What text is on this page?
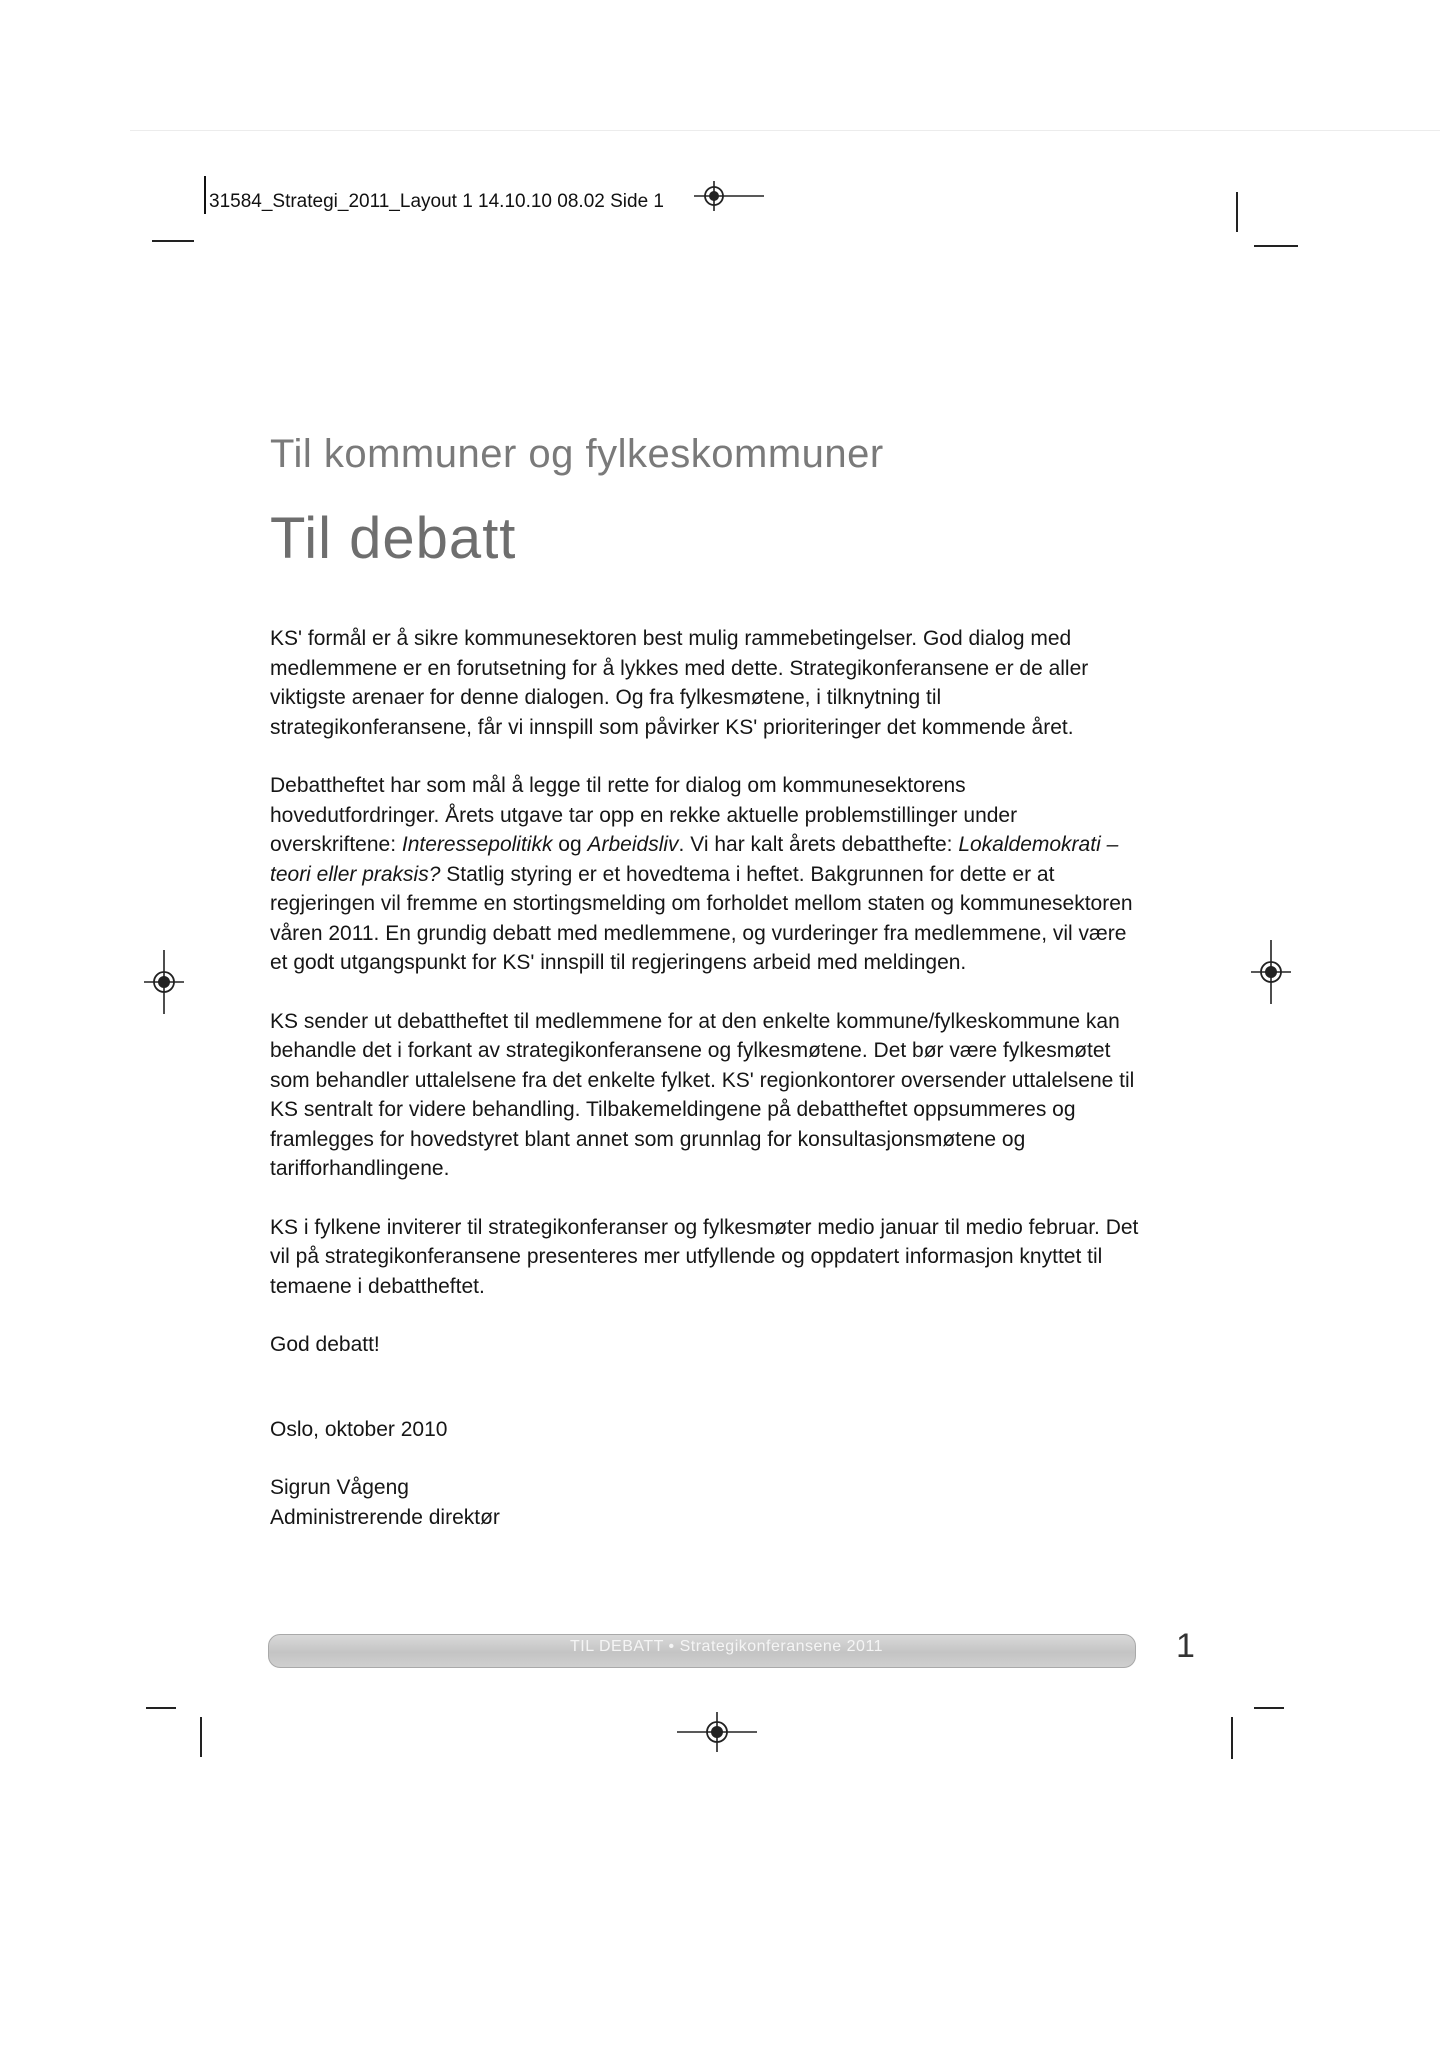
31584_Strategi_2011_Layout 1 14.10.10 08.02 Side 1
Til kommuner og fylkeskommuner
Til debatt

KS' formål er å sikre kommunesektoren best mulig rammebetingelser. God dialog med medlemmene er en forutsetning for å lykkes med dette. Strategikonferansene er de aller viktigste arenaer for denne dialogen. Og fra fylkesmøtene, i tilknytning til strategikonferansene, får vi innspill som påvirker KS' prioriteringer det kommende året.

Debattheftet har som mål å legge til rette for dialog om kommunesektorens hovedutfordringer. Årets utgave tar opp en rekke aktuelle problemstillinger under overskriftene: Interessepolitikk og Arbeidsliv. Vi har kalt årets debatthefte: Lokaldemokrati – teori eller praksis? Statlig styring er et hovedtema i heftet. Bakgrunnen for dette er at regjeringen vil fremme en stortingsmelding om forholdet mellom staten og kommunesektoren våren 2011. En grundig debatt med medlemmene, og vurderinger fra medlemmene, vil være et godt utgangspunkt for KS' innspill til regjeringens arbeid med meldingen.

KS sender ut debattheftet til medlemmene for at den enkelte kommune/fylkeskommune kan behandle det i forkant av strategikonferansene og fylkesmøtene. Det bør være fylkesmøtet som behandler uttalelsene fra det enkelte fylket. KS' regionkontorer oversender uttalelsene til KS sentralt for videre behandling. Tilbakemeldingene på debattheftet oppsummeres og framlegges for hovedstyret blant annet som grunnlag for konsultasjonsmøtene og tarifforhandlingene.

KS i fylkene inviterer til strategikonferanser og fylkesmøter medio januar til medio februar. Det vil på strategikonferansene presenteres mer utfyllende og oppdatert informasjon knyttet til temaene i debattheftet.

God debatt!

Oslo, oktober 2010

Sigrun Vågeng

Administrerende direktør

TIL DEBATT • Strategikonferansene 2011	1
